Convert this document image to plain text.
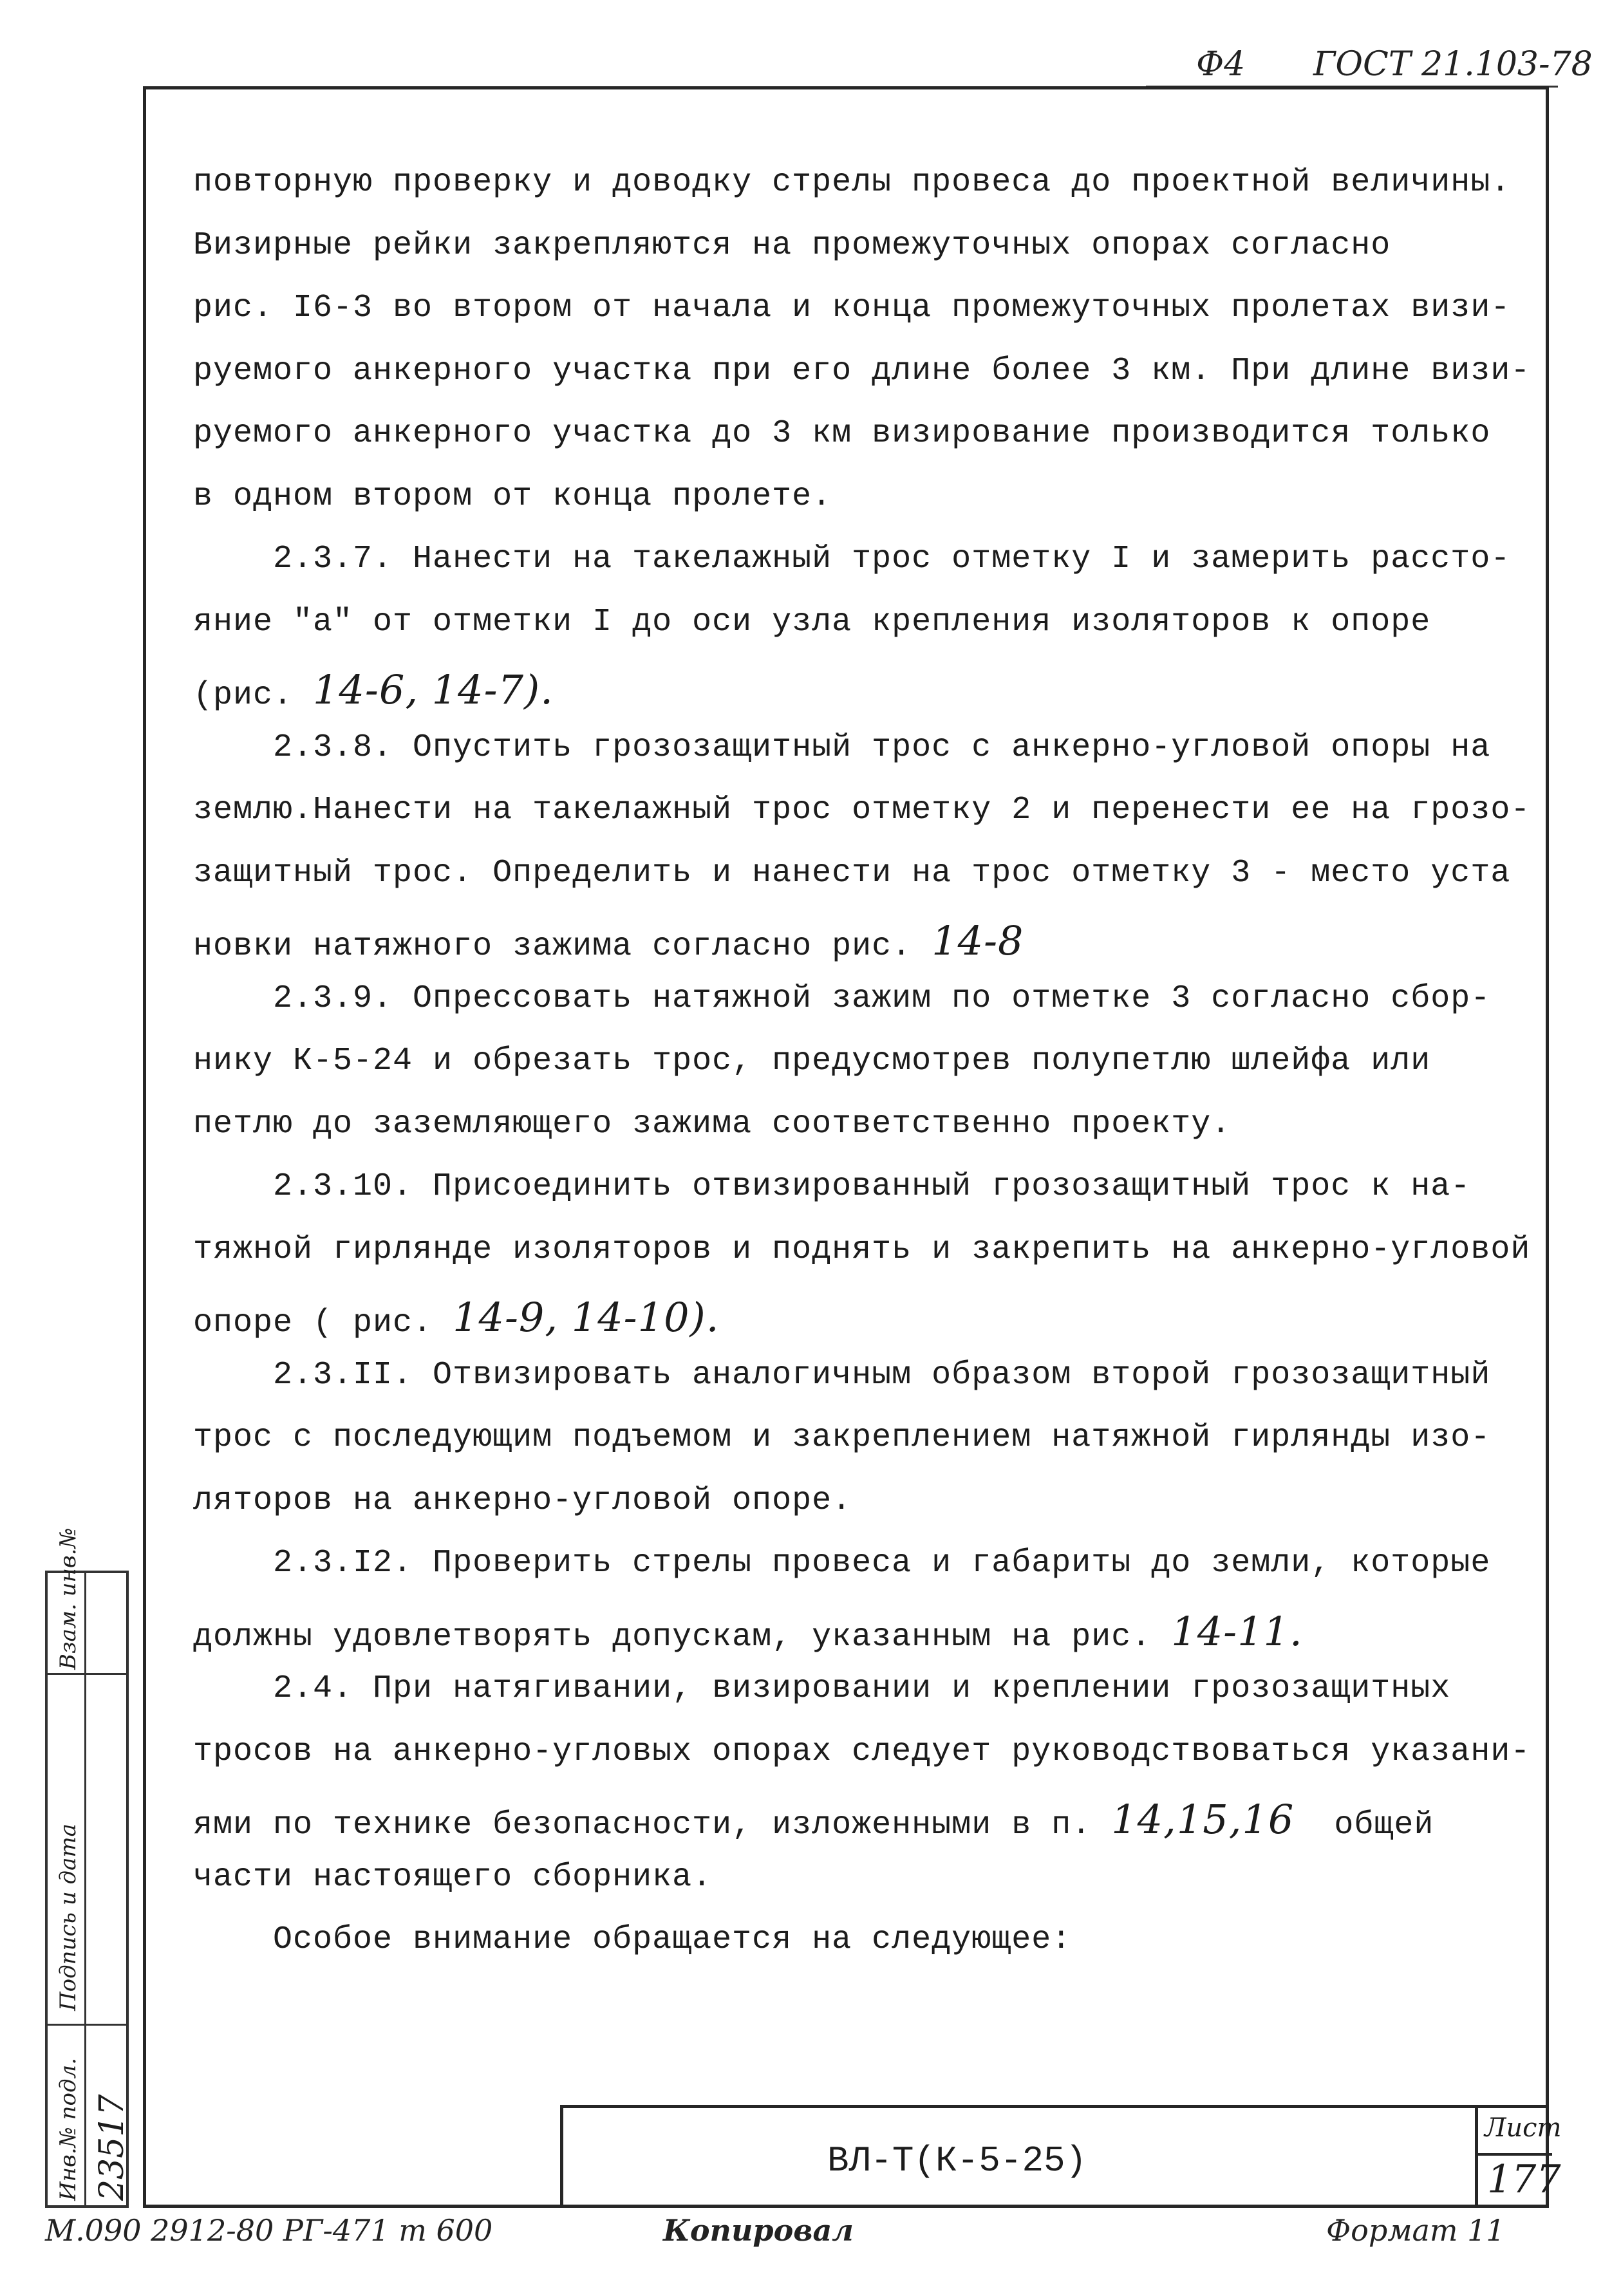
Ф4 ГОСТ 21.103-78
повторную проверку и доводку стрелы провеса до проектной величины.
Визирные рейки закрепляются на промежуточных опорах согласно
рис. I6-3 во втором от начала и конца промежуточных пролетах визи-
руемого анкерного участка при его длине более 3 км. При длине визи-
руемого анкерного участка до 3 км визирование производится только
в одном втором от конца пролете.
2.3.7. Нанести на такелажный трос отметку I и замерить рассто-
яние "а" от отметки I до оси узла крепления изоляторов к опоре
(рис. 14-6, 14-7).
2.3.8. Опустить грозозащитный трос с анкерно-угловой опоры на
землю.Нанести на такелажный трос отметку 2 и перенести ее на грозо-
защитный трос. Определить и нанести на трос отметку 3 - место уста
новки натяжного зажима согласно рис. 14-8
2.3.9. Опрессовать натяжной зажим по отметке 3 согласно сбор-
нику К-5-24 и обрезать трос, предусмотрев полупетлю шлейфа или
петлю до заземляющего зажима соответственно проекту.
2.3.10. Присоединить отвизированный грозозащитный трос к на-
тяжной гирлянде изоляторов и поднять и закрепить на анкерно-угловой
опоре ( рис. 14-9, 14-10).
2.3.II. Отвизировать аналогичным образом второй грозозащитный
трос с последующим подъемом и закреплением натяжной гирлянды изо-
ляторов на анкерно-угловой опоре.
2.3.I2. Проверить стрелы провеса и габариты до земли, которые
должны удовлетворять допускам, указанным на рис. 14-11.
2.4. При натягивании, визировании и креплении грозозащитных
тросов на анкерно-угловых опорах следует руководствоваться указани-
ями по технике безопасности, изложенными в п. 14,15,16  общей
части настоящего сборника.
Особое внимание обращается на следующее:
Взам. инв.№
Подпись и дата
Инв.№ подл. 23517	ВЛ-Т(К-5-25)
Лист
177
М.090 2912-80 РГ-471 т 600	Копировал	Формат 11
